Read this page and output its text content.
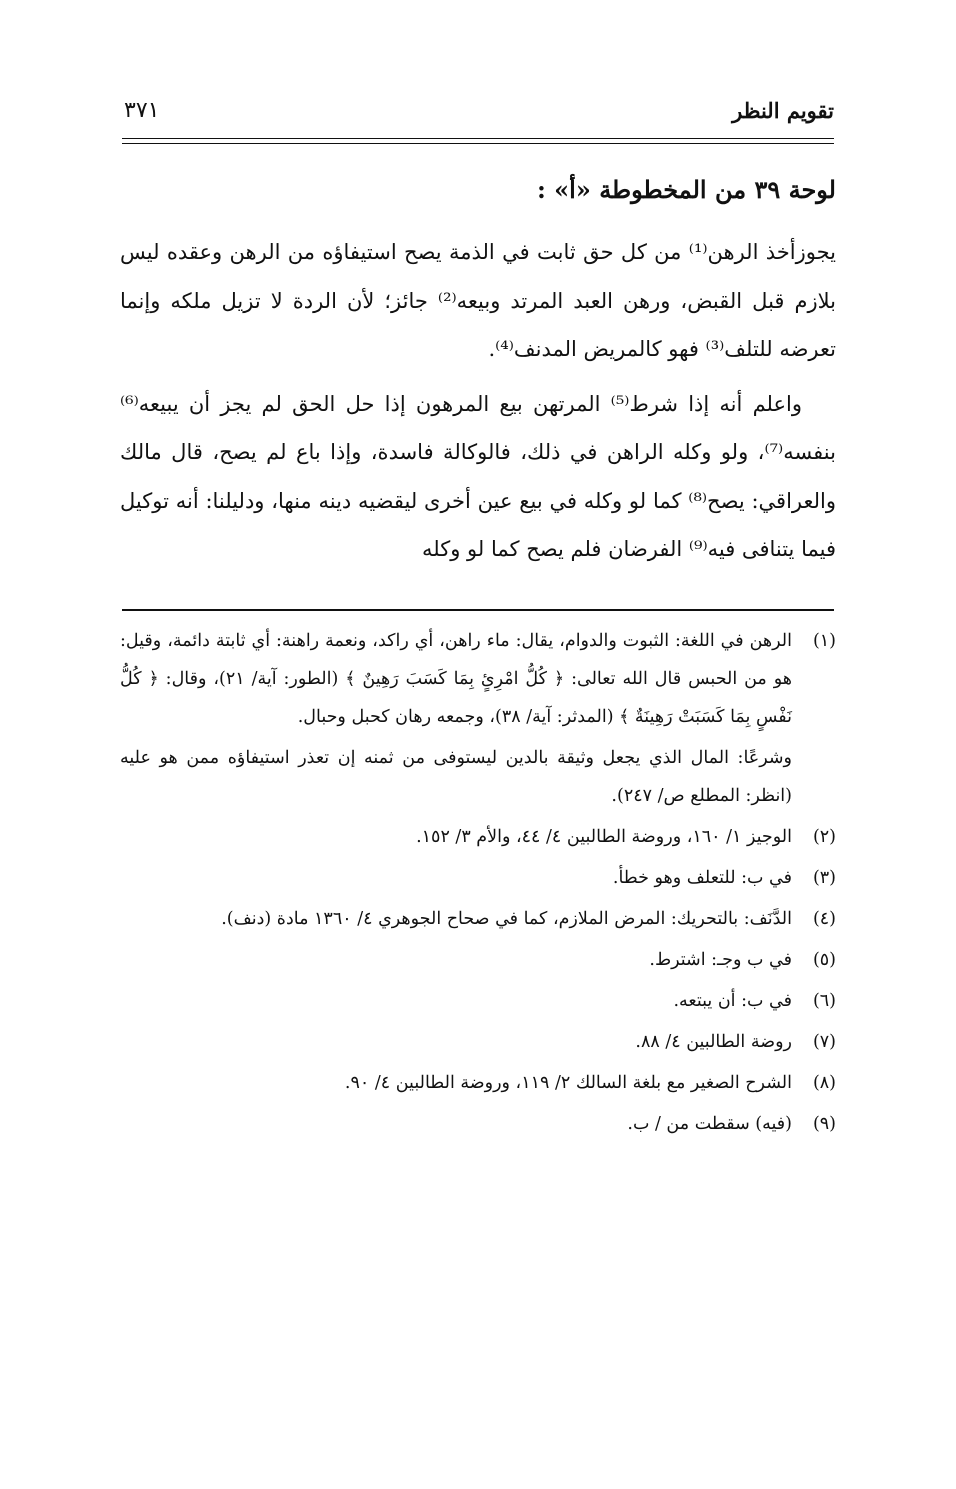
تقويم النظر
٣٧١
لوحة ٣٩ من المخطوطة «أ» :

يجوزأخذ الرهن⁽¹⁾ من كل حق ثابت في الذمة يصح استيفاؤه من الرهن وعقده ليس بلازم قبل القبض، ورهن العبد المرتد وبيعه⁽²⁾ جائز؛ لأن الردة لا تزيل ملكه وإنما تعرضه للتلف⁽³⁾ فهو كالمريض المدنف⁽⁴⁾.

واعلم أنه إذا شرط⁽⁵⁾ المرتهن بيع المرهون إذا حل الحق لم يجز أن يبيعه⁽⁶⁾ بنفسه⁽⁷⁾، ولو وكله الراهن في ذلك، فالوكالة فاسدة، وإذا باع لم يصح، قال مالك والعراقي: يصح⁽⁸⁾ كما لو وكله في بيع عين أخرى ليقضيه دينه منها، ودليلنا: أنه توكيل فيما يتنافى فيه⁽⁹⁾ الفرضان فلم يصح كما لو وكله

(١)
الرهن في اللغة: الثبوت والدوام، يقال: ماء راهن، أي راكد، ونعمة راهنة: أي ثابتة دائمة، وقيل: هو من الحبس قال الله تعالى: ﴿ كُلُّ امْرِئٍ بِمَا كَسَبَ رَهِينٌ ﴾ (الطور: آية/ ٢١)، وقال: ﴿ كُلُّ نَفْسٍ بِمَا كَسَبَتْ رَهِينَةٌ ﴾ (المدثر: آية/ ٣٨)، وجمعه رهان كحبل وحبال.
وشرعًا: المال الذي يجعل وثيقة بالدين ليستوفى من ثمنه إن تعذر استيفاؤه ممن هو عليه (انظر: المطلع ص/ ٢٤٧).
(٢)
الوجيز ١/ ١٦٠، وروضة الطالبين ٤/ ٤٤، والأم ٣/ ١٥٢.
(٣)
في ب: للتعلف وهو خطأ.
(٤)
الدَّنَف: بالتحريك: المرض الملازم، كما في صحاح الجوهري ٤/ ١٣٦٠ مادة (دنف).
(٥)
في ب وجـ: اشترط.
(٦)
في ب: أن يبتعه.
(٧)
روضة الطالبين ٤/ ٨٨.
(٨)
الشرح الصغير مع بلغة السالك ٢/ ١١٩، وروضة الطالبين ٤/ ٩٠.
(٩)
(فيه) سقطت من / ب.
